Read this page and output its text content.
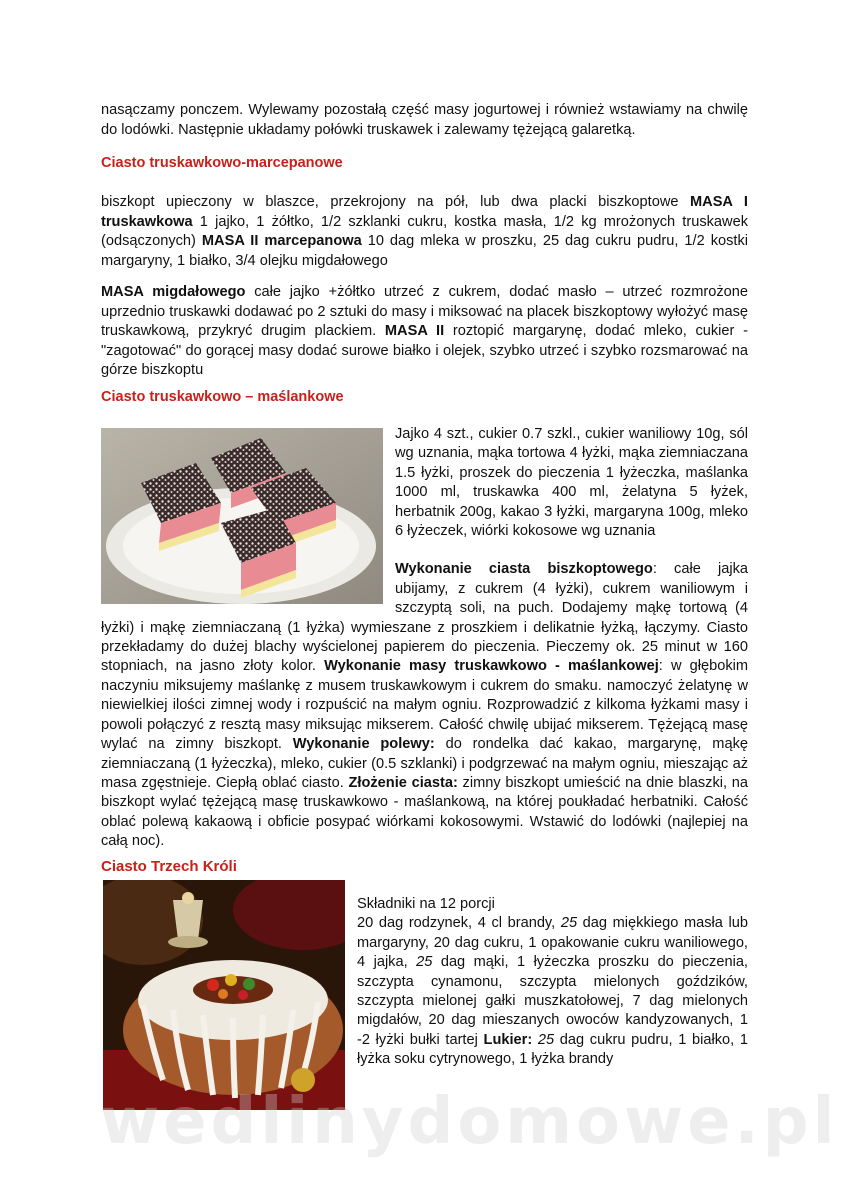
nasączamy ponczem. Wylewamy pozostałą część masy jogurtowej i również wstawiamy na chwilę do lodówki. Następnie układamy połówki truskawek i zalewamy tężejącą galaretką.

Ciasto truskawkowo-marcepanowe

biszkopt upieczony w blaszce, przekrojony na pół, lub dwa placki biszkoptowe MASA I truskawkowa 1 jajko, 1 żółtko, 1/2 szklanki cukru, kostka masła, 1/2 kg mrożonych truskawek (odsączonych) MASA II marcepanowa 10 dag mleka w proszku, 25 dag cukru pudru, 1/2 kostki margaryny, 1 białko, 3/4 olejku migdałowego

MASA migdałowego całe jajko +żółtko utrzeć z cukrem, dodać masło – utrzeć rozmrożone uprzednio truskawki dodawać po 2 sztuki do masy i miksować na placek biszkoptowy wyłożyć masę truskawkową, przykryć drugim plackiem. MASA II roztopić margarynę, dodać mleko, cukier - "zagotować" do gorącej masy dodać surowe białko i olejek, szybko utrzeć i szybko rozsmarować na górze biszkoptu

Ciasto truskawkowo – maślankowe

Jajko 4 szt., cukier 0.7 szkl., cukier waniliowy 10g, sól wg uznania, mąka tortowa 4 łyżki, mąka ziemniaczana 1.5 łyżki, proszek do pieczenia 1 łyżeczka, maślanka 1000 ml, truskawka 400 ml, żelatyna 5 łyżek, herbatnik 200g, kakao 3 łyżki, margaryna 100g, mleko 6 łyżeczek, wiórki kokosowe wg uznania

Wykonanie ciasta biszkoptowego: całe jajka ubijamy, z cukrem (4 łyżki), cukrem waniliowym i szczyptą soli, na puch. Dodajemy mąkę tortową (4 łyżki) i mąkę ziemniaczaną (1 łyżka) wymieszane z proszkiem i delikatnie łyżką, łączymy. Ciasto przekładamy do dużej blachy wyścielonej papierem do pieczenia. Pieczemy ok. 25 minut w 160 stopniach, na jasno złoty kolor. Wykonanie masy truskawkowo - maślankowej: w głębokim naczyniu miksujemy maślankę z musem truskawkowym i cukrem do smaku. namoczyć żelatynę w niewielkiej ilości zimnej wody i rozpuścić na małym ogniu. Rozprowadzić z kilkoma łyżkami masy i powoli połączyć z resztą masy miksując mikserem. Całość chwilę ubijać mikserem. Tężejącą masę wylać na zimny biszkopt. Wykonanie polewy: do rondelka dać kakao, margarynę, mąkę ziemniaczaną (1 łyżeczka), mleko, cukier (0.5 szklanki) i podgrzewać na małym ogniu, mieszając aż masa zgęstnieje. Ciepłą oblać ciasto. Złożenie ciasta: zimny biszkopt umieścić na dnie blaszki, na biszkopt wylać tężejącą masę truskawkowo - maślankową, na której poukładać herbatniki. Całość oblać polewą kakaową i obficie posypać wiórkami kokosowymi. Wstawić do lodówki (najlepiej na całą noc).

Ciasto Trzech Króli

Składniki na 12 porcji

20 dag rodzynek, 4 cl brandy, 25 dag miękkiego masła lub margaryny, 20 dag cukru, 1 opakowanie cukru waniliowego, 4 jajka, 25 dag mąki, 1 łyżeczka proszku do pieczenia, szczypta cynamonu, szczypta mielonych goździków, szczypta mielonej gałki muszkatołowej, 7 dag mielonych migdałów, 20 dag mieszanych owoców kandyzowanych, 1 -2 łyżki bułki tartej Lukier: 25 dag cukru pudru, 1 białko, 1 łyżka soku cytrynowego, 1 łyżka brandy

wedlinydomowe.pl
